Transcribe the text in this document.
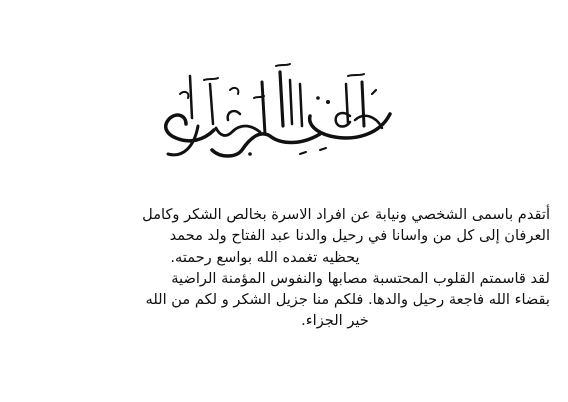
أتقدم باسمى الشخصي ونيابة عن افراد الاسرة بخالص الشكر وكامل
العرفان إلى كل من واسانا في رحيل والدنا عبد الفتاح ولد محمد
يحظيه تغمده الله بواسع رحمته.
لقد قاسمتم القلوب المحتسبة مصابها والنفوس المؤمنة الراضية
بقضاء الله فاجعة رحيل والدها. فلكم منا جزيل الشكر و لكم من الله
خير الجزاء.
